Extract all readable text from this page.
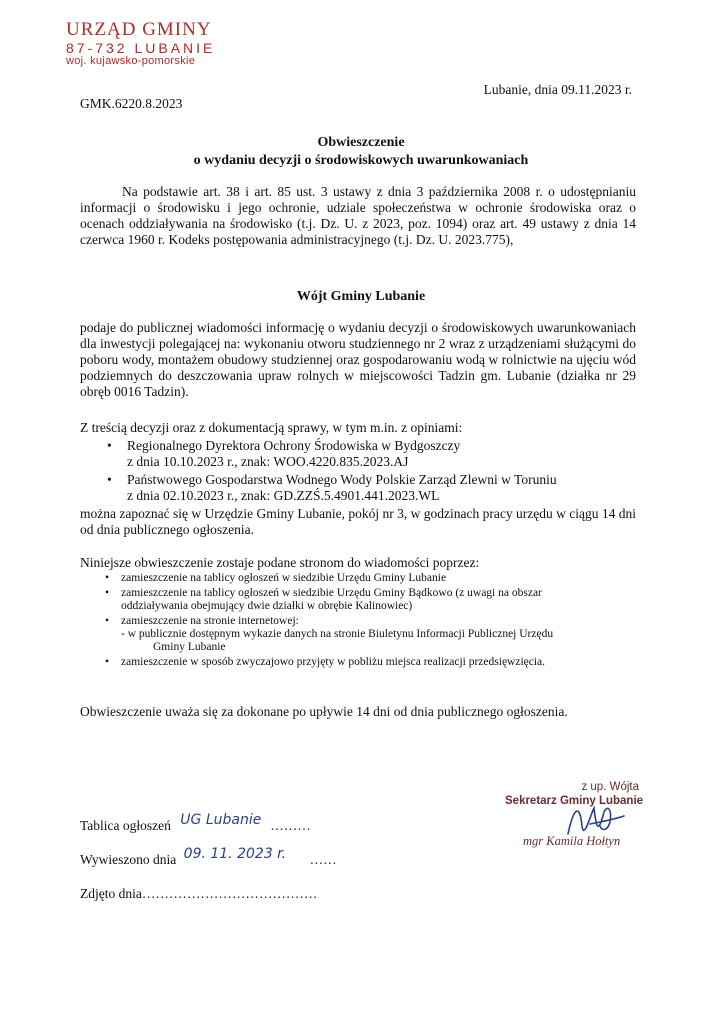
URZĄD GMINY
87-732 LUBANIE
woj. kujawsko-pomorskie
Lubanie, dnia 09.11.2023 r.
GMK.6220.8.2023
Obwieszczenie
o wydaniu decyzji o środowiskowych uwarunkowaniach
Na podstawie art. 38 i art. 85 ust. 3 ustawy z dnia 3 października 2008 r. o udostępnianiu informacji o środowisku i jego ochronie, udziale społeczeństwa w ochronie środowiska oraz o ocenach oddziaływania na środowisko (t.j. Dz. U. z 2023, poz. 1094) oraz art. 49 ustawy z dnia 14 czerwca 1960 r. Kodeks postępowania administracyjnego (t.j. Dz. U. 2023.775),
Wójt Gminy Lubanie
podaje do publicznej wiadomości informację o wydaniu decyzji o środowiskowych uwarunkowaniach dla inwestycji polegającej na: wykonaniu otworu studziennego nr 2 wraz z urządzeniami służącymi do poboru wody, montażem obudowy studziennej oraz gospodarowaniu wodą w rolnictwie na ujęciu wód podziemnych do deszczowania upraw rolnych w miejscowości Tadzin gm. Lubanie (działka nr 29 obręb 0016 Tadzin).
Z treścią decyzji oraz z dokumentacją sprawy, w tym m.in. z opiniami:
• Regionalnego Dyrektora Ochrony Środowiska w Bydgoszczy
z dnia 10.10.2023 r., znak: WOO.4220.835.2023.AJ
• Państwowego Gospodarstwa Wodnego Wody Polskie Zarząd Zlewni w Toruniu
z dnia 02.10.2023 r., znak: GD.ZZŚ.5.4901.441.2023.WL
można zapoznać się w Urzędzie Gminy Lubanie, pokój nr 3, w godzinach pracy urzędu w ciągu 14 dni od dnia publicznego ogłoszenia.
Niniejsze obwieszczenie zostaje podane stronom do wiadomości poprzez:
• zamieszczenie na tablicy ogłoszeń w siedzibie Urzędu Gminy Lubanie
• zamieszczenie na tablicy ogłoszeń w siedzibie Urzędu Gminy Bądkowo (z uwagi na obszar
oddziaływania obejmujący dwie działki w obrębie Kalinowiec)
• zamieszczenie na stronie internetowej:
- w publicznie dostępnym wykazie danych na stronie Biuletynu Informacji Publicznej Urzędu
Gminy Lubanie
• zamieszczenie w sposób zwyczajowo przyjęty w pobliżu miejsca realizacji przedsięwzięcia.
Obwieszczenie uważa się za dokonane po upływie 14 dni od dnia publicznego ogłoszenia.
z up. Wójta
Sekretarz Gminy Lubanie
mgr Kamila Hołtyn
Tablica ogłoszeń UG Lubanie ………
Wywieszono dnia 09. 11. 2023 r. ……
Zdjęto dnia…………………………………
